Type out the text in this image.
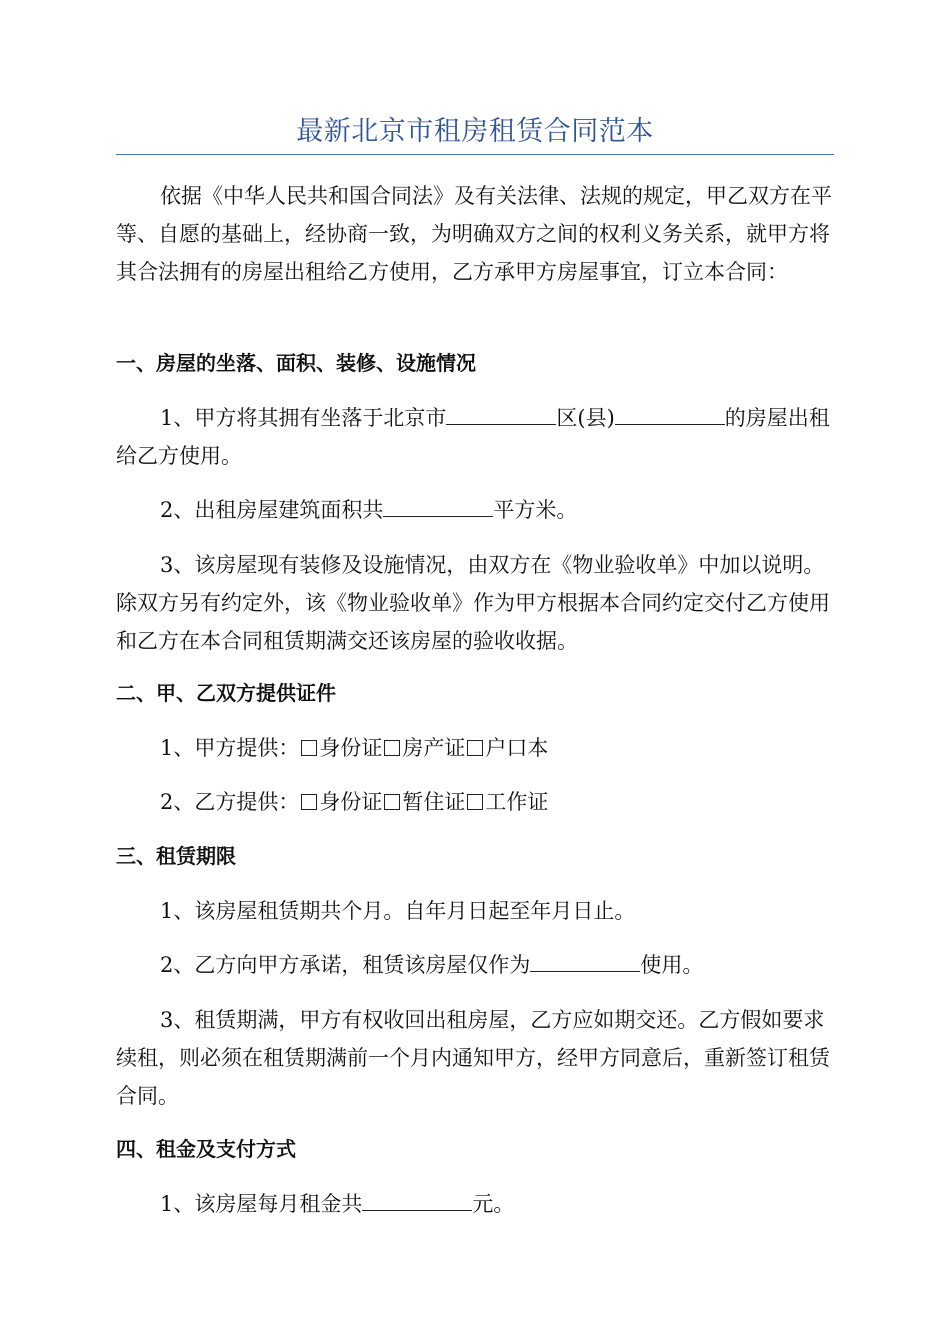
最新北京市租房租赁合同范本

依据《中华人民共和国合同法》及有关法律、法规的规定，甲乙双方在平等、自愿的基础上，经协商一致，为明确双方之间的权利义务关系，就甲方将其合法拥有的房屋出租给乙方使用，乙方承甲方房屋事宜，订立本合同：

一、房屋的坐落、面积、装修、设施情况

1、甲方将其拥有坐落于北京市	区(县)	的房屋出租给乙方使用。

2、出租房屋建筑面积共	平方米。

3、该房屋现有装修及设施情况，由双方在《物业验收单》中加以说明。除双方另有约定外，该《物业验收单》作为甲方根据本合同约定交付乙方使用和乙方在本合同租赁期满交还该房屋的验收收据。

二、甲、乙双方提供证件

1、甲方提供： 身份证 房产证 户口本

2、乙方提供： 身份证 暂住证 工作证

三、租赁期限

1、该房屋租赁期共个月。自年月日起至年月日止。

2、乙方向甲方承诺，租赁该房屋仅作为	使用。

3、租赁期满，甲方有权收回出租房屋，乙方应如期交还。乙方假如要求续租，则必须在租赁期满前一个月内通知甲方，经甲方同意后，重新签订租赁合同。

四、租金及支付方式

1、该房屋每月租金共	元。
